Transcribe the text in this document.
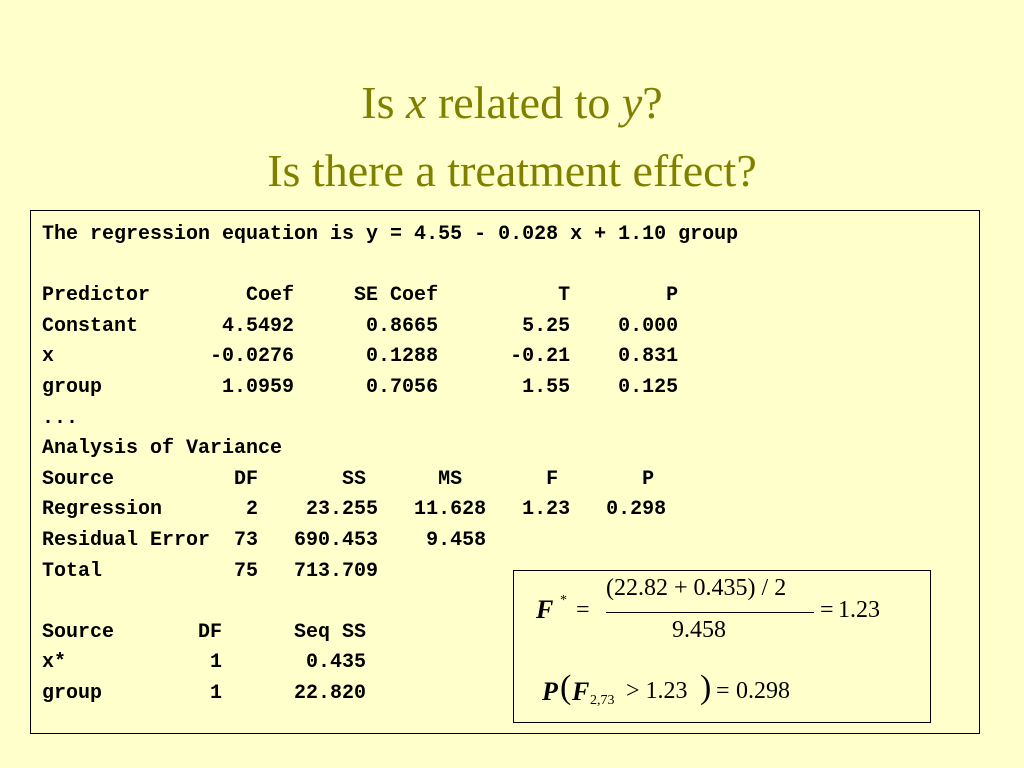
Is x related to y?
Is there a treatment effect?
The regression equation is y = 4.55 - 0.028 x + 1.10 group

Predictor        Coef     SE Coef          T        P
Constant       4.5492      0.8665       5.25    0.000
x             -0.0276      0.1288      -0.21    0.831
group          1.0959      0.7056       1.55    0.125
...
Analysis of Variance
Source          DF       SS      MS       F       P
Regression       2    23.255   11.628   1.23   0.298
Residual Error  73   690.453    9.458
Total           75   713.709

Source       DF      Seq SS
x*            1       0.435
group         1      22.820
F * =
(22.82 + 0.435) / 2
9.458
= 1.23
P ( F 2,73 > 1.23 ) = 0.298
